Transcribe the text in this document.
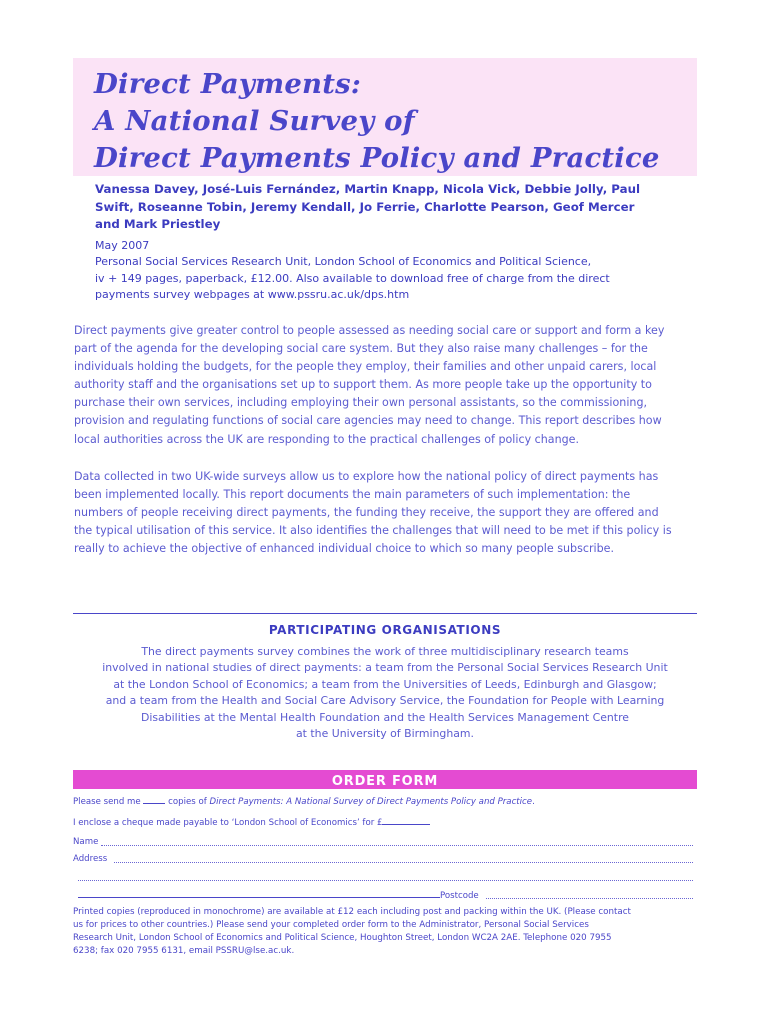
Direct Payments:
A National Survey of
Direct Payments Policy and Practice
Vanessa Davey, José-Luis Fernández, Martin Knapp, Nicola Vick, Debbie Jolly, Paul
Swift, Roseanne Tobin, Jeremy Kendall, Jo Ferrie, Charlotte Pearson, Geof Mercer
and Mark Priestley
May 2007
Personal Social Services Research Unit, London School of Economics and Political Science,
iv + 149 pages, paperback, £12.00. Also available to download free of charge from the direct
payments survey webpages at www.pssru.ac.uk/dps.htm
Direct payments give greater control to people assessed as needing social care or support and form a key
part of the agenda for the developing social care system. But they also raise many challenges – for the
individuals holding the budgets, for the people they employ, their families and other unpaid carers, local
authority staff and the organisations set up to support them. As more people take up the opportunity to
purchase their own services, including employing their own personal assistants, so the commissioning,
provision and regulating functions of social care agencies may need to change. This report describes how
local authorities across the UK are responding to the practical challenges of policy change.
Data collected in two UK-wide surveys allow us to explore how the national policy of direct payments has
been implemented locally. This report documents the main parameters of such implementation: the
numbers of people receiving direct payments, the funding they receive, the support they are offered and
the typical utilisation of this service. It also identifies the challenges that will need to be met if this policy is
really to achieve the objective of enhanced individual choice to which so many people subscribe.
PARTICIPATING ORGANISATIONS
The direct payments survey combines the work of three multidisciplinary research teams
involved in national studies of direct payments: a team from the Personal Social Services Research Unit
at the London School of Economics; a team from the Universities of Leeds, Edinburgh and Glasgow;
and a team from the Health and Social Care Advisory Service, the Foundation for People with Learning
Disabilities at the Mental Health Foundation and the Health Services Management Centre
at the University of Birmingham.
ORDER FORM
Please send me	copies of Direct Payments: A National Survey of Direct Payments Policy and Practice.
I enclose a cheque made payable to ‘London School of Economics’ for £
Name
Address
Postcode
Printed copies (reproduced in monochrome) are available at £12 each including post and packing within the UK. (Please contact
us for prices to other countries.) Please send your completed order form to the Administrator, Personal Social Services
Research Unit, London School of Economics and Political Science, Houghton Street, London WC2A 2AE. Telephone 020 7955
6238; fax 020 7955 6131, email PSSRU@lse.ac.uk.
